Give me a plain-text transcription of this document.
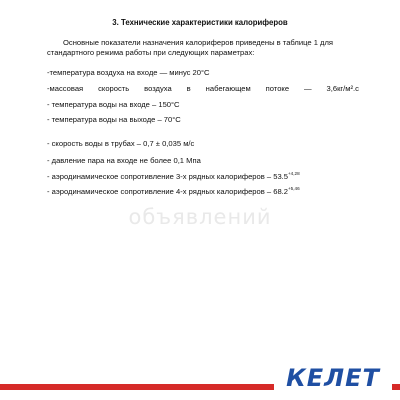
3. Технические характеристики калориферов
Основные показатели назначения калориферов приведены в таблице 1 для
стандартного режима работы при следующих параметрах:
-температура воздуха на входе — минус 20°C
-массовая скорость воздуха в набегающем потоке — 3,6кг/м².с
- температура воды на входе – 150°C
- температура воды на выходе – 70°C
- скорость воды в трубах – 0,7 ± 0,035 м/с
- давление пара на входе не более 0,1 Мпа
- аэродинамическое сопротивление 3-х рядных калориферов – $53.5^{+4,28}$
- аэродинамическое сопротивление 4-х рядных калориферов – $68.2^{+5,46}$
объявлений
КЕЛЕТ
